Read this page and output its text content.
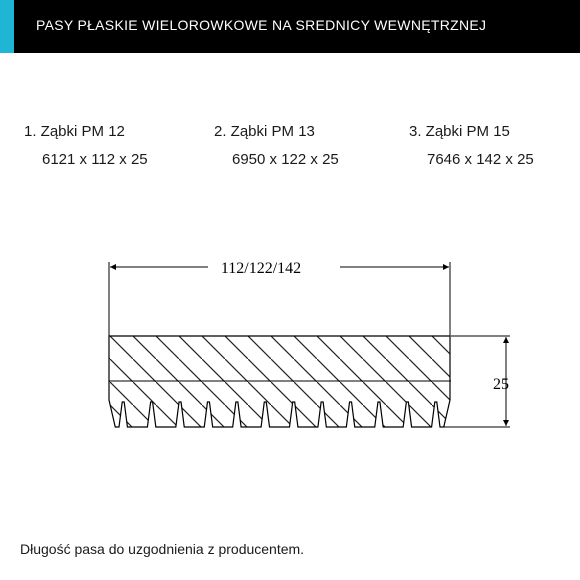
PASY PŁASKIE WIELOROWKOWE NA SREDNICY WEWNĘTRZNEJ
1. Ząbki PM 12
6121 x 112 x 25
2. Ząbki PM 13
6950 x 122 x 25
3. Ząbki PM 15
7646 x 142 x 25
112/122/142
25
Długość pasa do uzgodnienia z producentem.
